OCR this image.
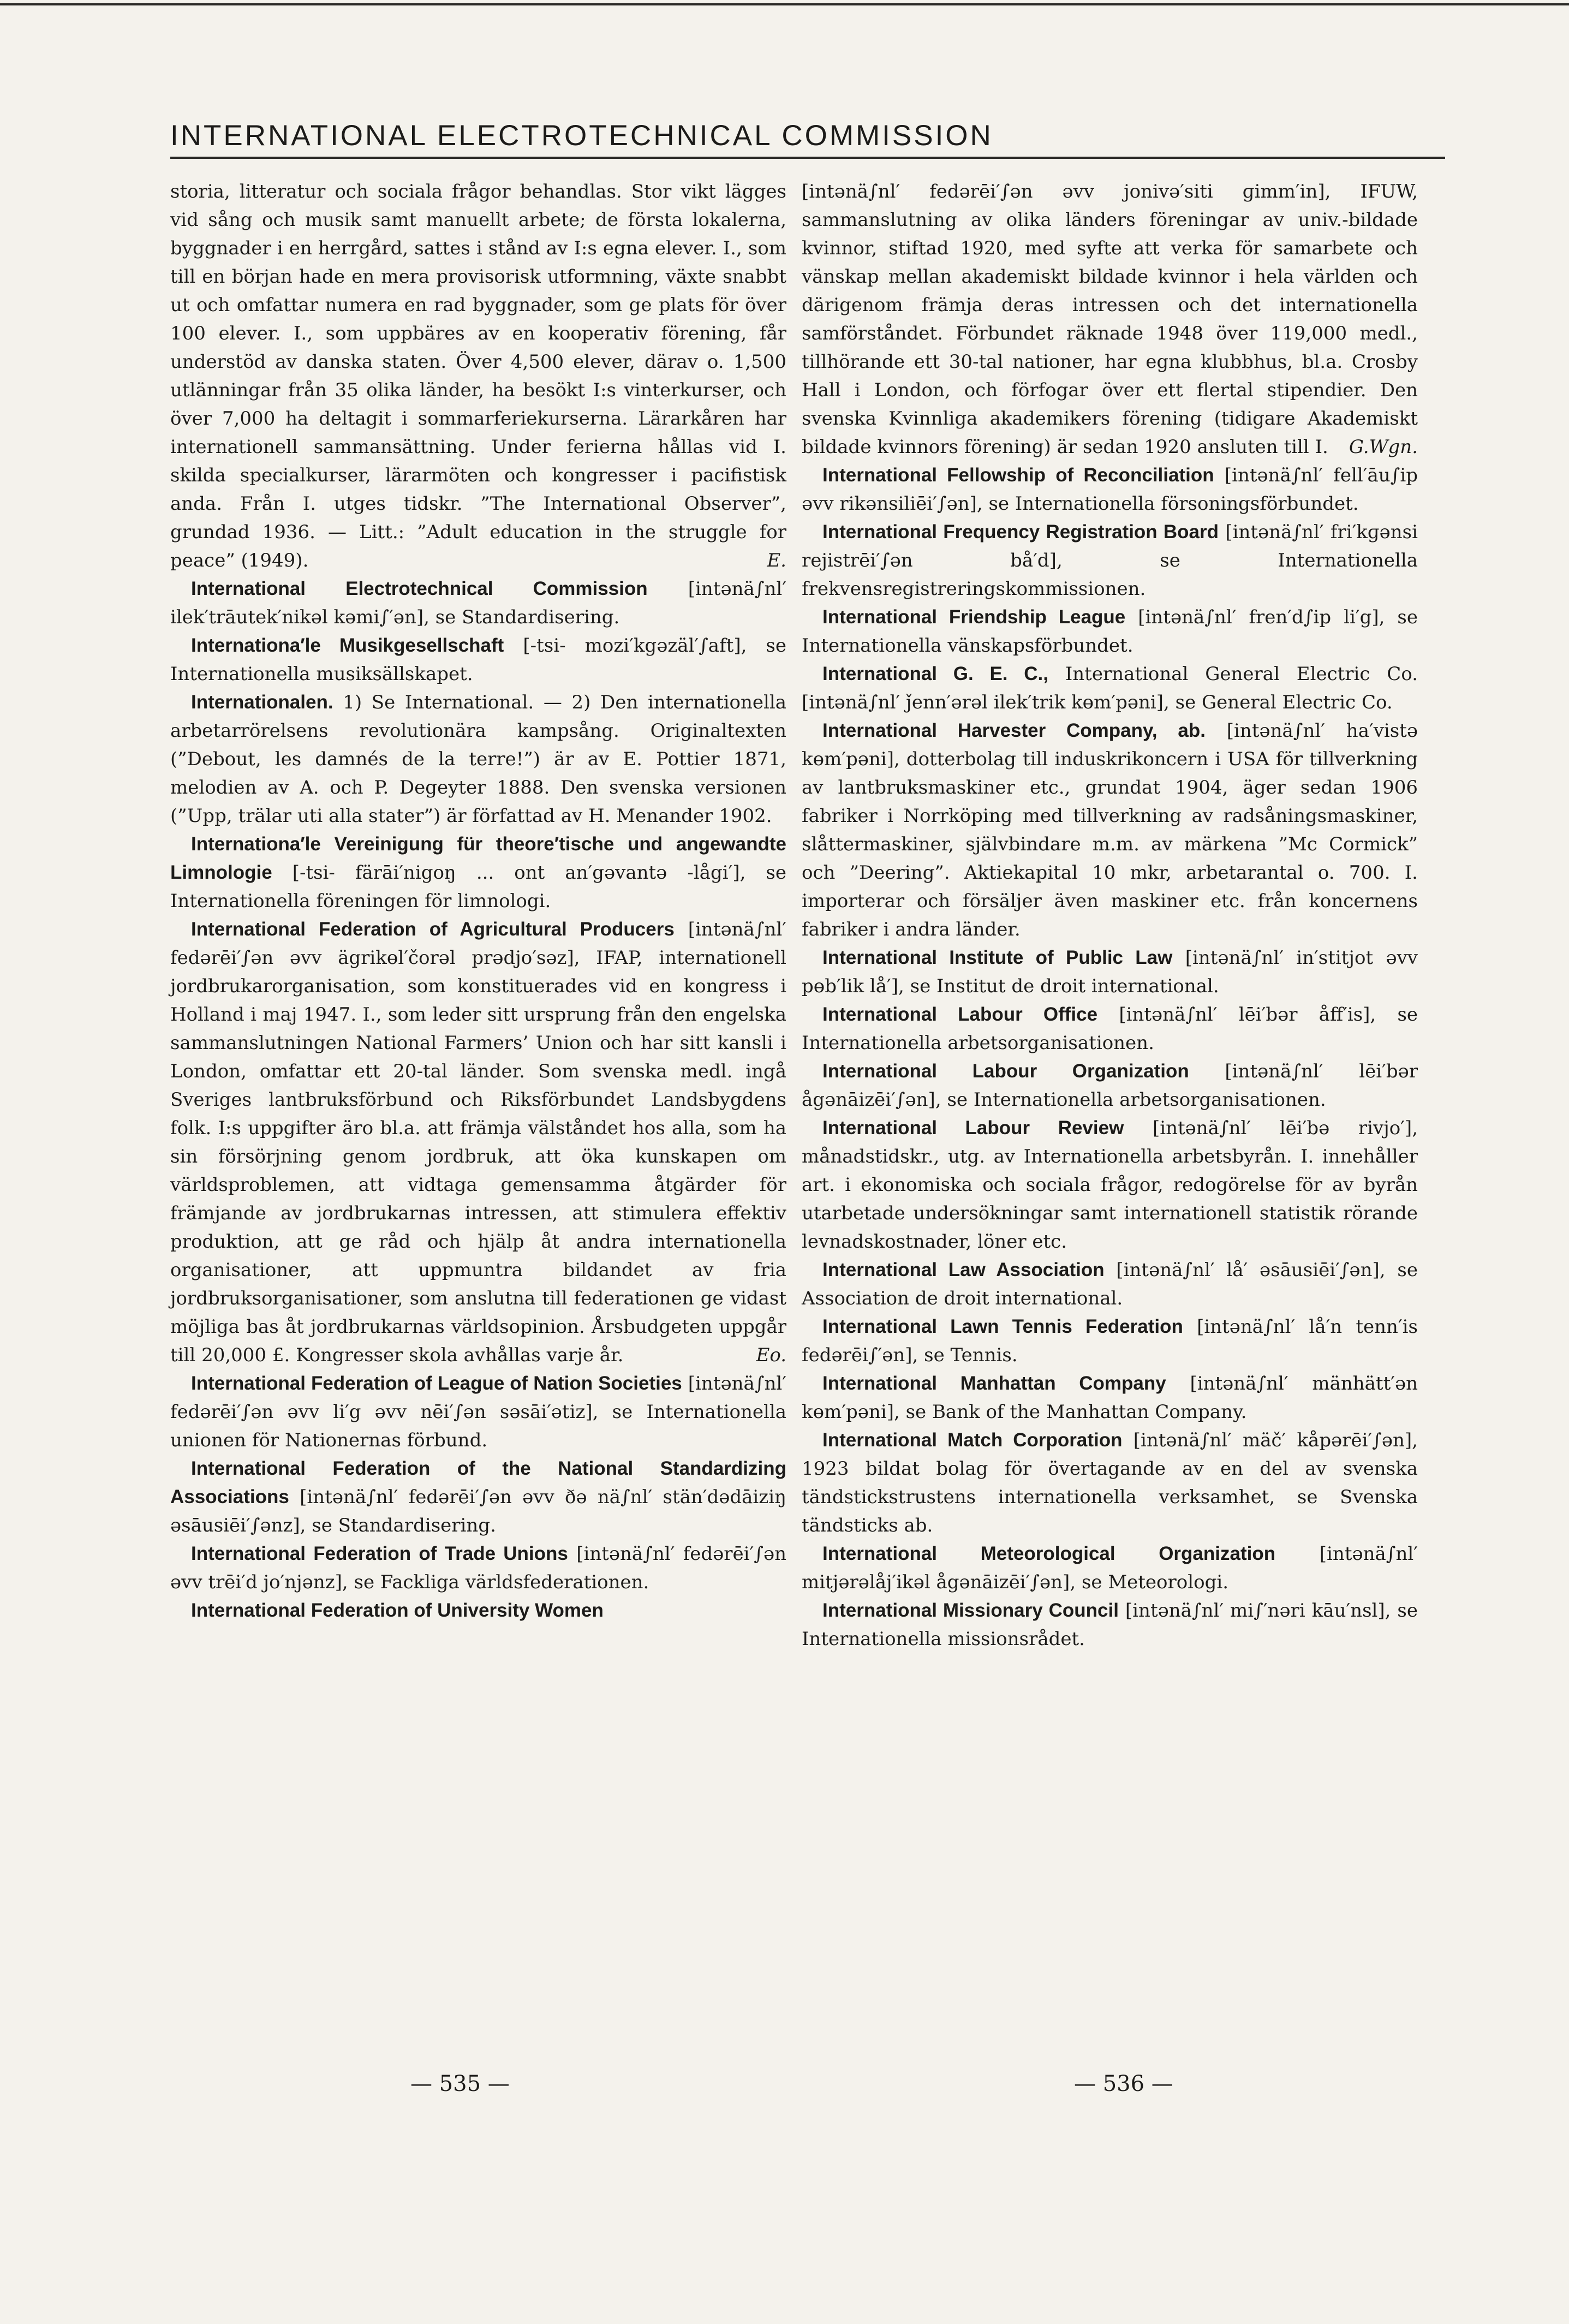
INTERNATIONAL ELECTROTECHNICAL COMMISSION

storia, litteratur och sociala frågor behandlas. Stor vikt lägges vid sång och musik samt manuellt arbete; de första lokalerna, byggnader i en herrgård, sattes i stånd av I:s egna elever. I., som till en början hade en mera provisorisk utformning, växte snabbt ut och omfattar numera en rad byggnader, som ge plats för över 100 elever. I., som uppbäres av en kooperativ förening, får understöd av danska staten. Över 4,500 elever, därav o. 1,500 utlänningar från 35 olika länder, ha besökt I:s vinterkurser, och över 7,000 ha deltagit i sommarferiekurserna. Lärarkåren har internationell sammansättning. Under ferierna hållas vid I. skilda specialkurser, lärarmöten och kongresser i pacifistisk anda. Från I. utges tidskr. ”The International Observer”, grundad 1936. — Litt.: ”Adult education in the struggle for peace” (1949).	E.

International Electrotechnical Commission [intənä∫nl′ ilek′trāutek′nikəl kəmi∫′ən], se Standardisering.

Internationa′le Musikgesellschaft [-tsi- mozi′kgəzäl′∫aft], se Internationella musiksällskapet.

Internationalen. 1) Se International. — 2) Den internationella arbetarrörelsens revolutionära kampsång. Originaltexten (”Debout, les damnés de la terre!”) är av E. Pottier 1871, melodien av A. och P. Degeyter 1888. Den svenska versionen (”Upp, trälar uti alla stater”) är författad av H. Menander 1902.

Internationa′le Vereinigung für theore′tische und angewandte Limnologie [-tsi- färāi′nigoŋ ... ont an′gəvantə -lågi′], se Internationella föreningen för limnologi.

International Federation of Agricultural Producers [intənä∫nl′ fedərēi′∫ən əvv ägrikɵl′čorəl prədjo′səz], IFAP, internationell jordbrukarorganisation, som konstituerades vid en kongress i Holland i maj 1947. I., som leder sitt ursprung från den engelska sammanslutningen National Farmers’ Union och har sitt kansli i London, omfattar ett 20-tal länder. Som svenska medl. ingå Sveriges lantbruksförbund och Riksförbundet Landsbygdens folk. I:s uppgifter äro bl.a. att främja välståndet hos alla, som ha sin försörjning genom jordbruk, att öka kunskapen om världsproblemen, att vidtaga gemensamma åtgärder för främjande av jordbrukarnas intressen, att stimulera effektiv produktion, att ge råd och hjälp åt andra internationella organisationer, att uppmuntra bildandet av fria jordbruksorganisationer, som anslutna till federationen ge vidast möjliga bas åt jordbrukarnas världsopinion. Årsbudgeten uppgår till 20,000 £. Kongresser skola avhållas varje år.	Eo.

International Federation of League of Nation Societies [intənä∫nl′ fedərēi′∫ən əvv li′g əvv nēi′∫ən səsāi′ətiz], se Internationella unionen för Nationernas förbund.

International Federation of the National Standardizing Associations [intənä∫nl′ fedərēi′∫ən əvv ðə nä∫nl′ stän′dədāiziŋ əsāusiēi′∫ənz], se Standardisering.

International Federation of Trade Unions [intənä∫nl′ fedərēi′∫ən əvv trēi′d jo′njənz], se Fackliga världsfederationen.

International Federation of University Women

[intənä∫nl′ fedərēi′∫ən əvv jonivə′siti ɡimm′in], IFUW, sammanslutning av olika länders föreningar av univ.-bildade kvinnor, stiftad 1920, med syfte att verka för samarbete och vänskap mellan akademiskt bildade kvinnor i hela världen och därigenom främja deras intressen och det internationella samförståndet. Förbundet räknade 1948 över 119,000 medl., tillhörande ett 30-tal nationer, har egna klubbhus, bl.a. Crosby Hall i London, och förfogar över ett flertal stipendier. Den svenska Kvinnliga akademikers förening (tidigare Akademiskt bildade kvinnors förening) är sedan 1920 ansluten till I. G.Wgn.

International Fellowship of Reconciliation [intənä∫nl′ fell′āu∫ip əvv rikənsiliēi′∫ən], se Internationella försoningsförbundet.

International Frequency Registration Board [intənä∫nl′ fri′kɡənsi rejistrēi′∫ən bå′d], se Internationella frekvensregistreringskommissionen.

International Friendship League [intənä∫nl′ fren′d∫ip li′g], se Internationella vänskapsförbundet.

International G. E. C., International General Electric Co. [intənä∫nl′ ǰenn′ərəl ilek′trik kɵm′pəni], se General Electric Co.

International Harvester Company, ab. [intənä∫nl′ ha′vistə kɵm′pəni], dotterbolag till induskrikoncern i USA för tillverkning av lantbruksmaskiner etc., grundat 1904, äger sedan 1906 fabriker i Norrköping med tillverkning av radsåningsmaskiner, slåttermaskiner, självbindare m.m. av märkena ”Mc Cormick” och ”Deering”. Aktiekapital 10 mkr, arbetarantal o. 700. I. importerar och försäljer även maskiner etc. från koncernens fabriker i andra länder.

International Institute of Public Law [intənä∫nl′ in′stitjot əvv pɵb′lik lå′], se Institut de droit international.

International Labour Office [intənä∫nl′ lēi′bər åff′is], se Internationella arbetsorganisationen.

International Labour Organization [intənä∫nl′ lēi′bər ågənāizēi′∫ən], se Internationella arbetsorganisationen.

International Labour Review [intənä∫nl′ lēi′bə rivjo′], månadstidskr., utg. av Internationella arbetsbyrån. I. innehåller art. i ekonomiska och sociala frågor, redogörelse för av byrån utarbetade undersökningar samt internationell statistik rörande levnadskostnader, löner etc.

International Law Association [intənä∫nl′ lå′ əsāusiēi′∫ən], se Association de droit international.

International Lawn Tennis Federation [intənä∫nl′ lå′n tenn′is fedərēi∫′ən], se Tennis.

International Manhattan Company [intənä∫nl′ mänhätt′ən kɵm′pəni], se Bank of the Manhattan Company.

International Match Corporation [intənä∫nl′ mäč′ kåpərēi′∫ən], 1923 bildat bolag för övertagande av en del av svenska tändstickstrustens internationella verksamhet, se Svenska tändsticks ab.

International Meteorological Organization [intənä∫nl′ mitjərəlåj′ikəl ågənāizēi′∫ən], se Meteorologi.

International Missionary Council [intənä∫nl′ mi∫′nəri kāu′nsl], se Internationella missionsrådet.

— 535 —	— 536 —
